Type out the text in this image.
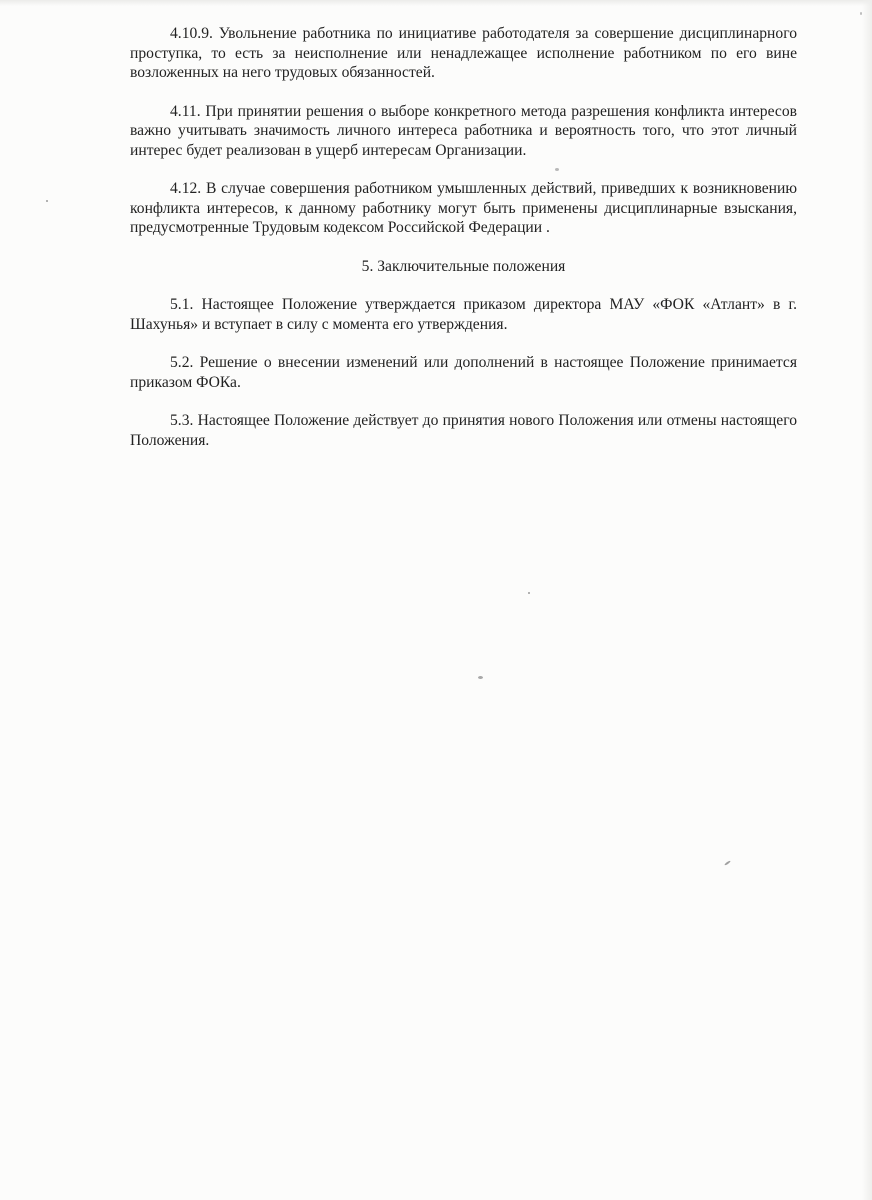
4.10.9. Увольнение работника по инициативе работодателя за совершение дисциплинарного проступка, то есть за неисполнение или ненадлежащее исполнение работником по его вине возложенных на него трудовых обязанностей.

4.11. При принятии решения о выборе конкретного метода разрешения конфликта интересов важно учитывать значимость личного интереса работника и вероятность того, что этот личный интерес будет реализован в ущерб интересам Организации.

4.12. В случае совершения работником умышленных действий, приведших к возникновению конфликта интересов, к данному работнику могут быть применены дисциплинарные взыскания, предусмотренные Трудовым кодексом Российской Федерации .

5. Заключительные положения

5.1. Настоящее Положение утверждается приказом директора МАУ «ФОК «Атлант» в г. Шахунья» и вступает в силу с момента его утверждения.

5.2. Решение о внесении изменений или дополнений в настоящее Положение принимается приказом ФОКа.

5.3. Настоящее Положение действует до принятия нового Положения или отмены настоящего Положения.
